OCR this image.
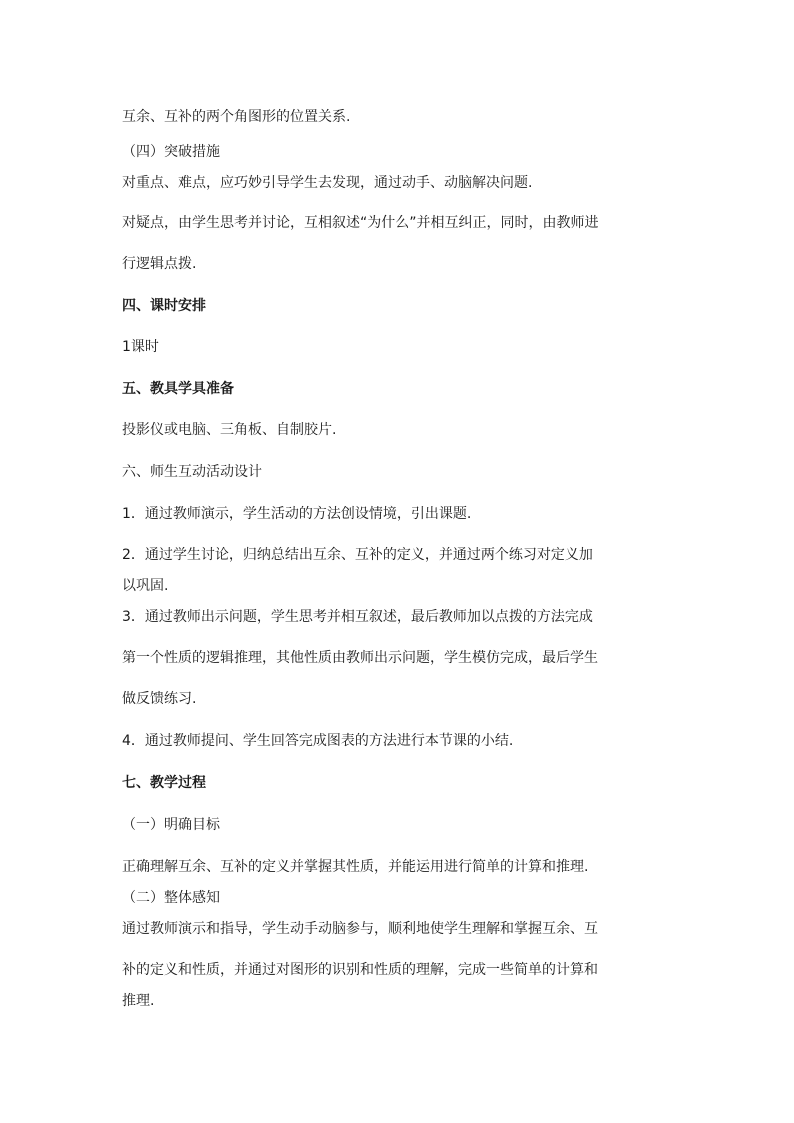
互余、互补的两个角图形的位置关系.
（四）突破措施
对重点、难点，应巧妙引导学生去发现，通过动手、动脑解决问题.
对疑点，由学生思考并讨论，互相叙述“为什么”并相互纠正，同时，由教师进
行逻辑点拨.
四、课时安排
1课时
五、教具学具准备
投影仪或电脑、三角板、自制胶片.
六、师生互动活动设计
1．通过教师演示，学生活动的方法创设情境，引出课题.
2．通过学生讨论，归纳总结出互余、互补的定义，并通过两个练习对定义加
以巩固.
3．通过教师出示问题，学生思考并相互叙述，最后教师加以点拨的方法完成
第一个性质的逻辑推理，其他性质由教师出示问题，学生模仿完成，最后学生
做反馈练习.
4．通过教师提问、学生回答完成图表的方法进行本节课的小结.
七、教学过程
（一）明确目标
正确理解互余、互补的定义并掌握其性质，并能运用进行简单的计算和推理.
（二）整体感知
通过教师演示和指导，学生动手动脑参与，顺利地使学生理解和掌握互余、互
补的定义和性质，并通过对图形的识别和性质的理解，完成一些简单的计算和
推理.
